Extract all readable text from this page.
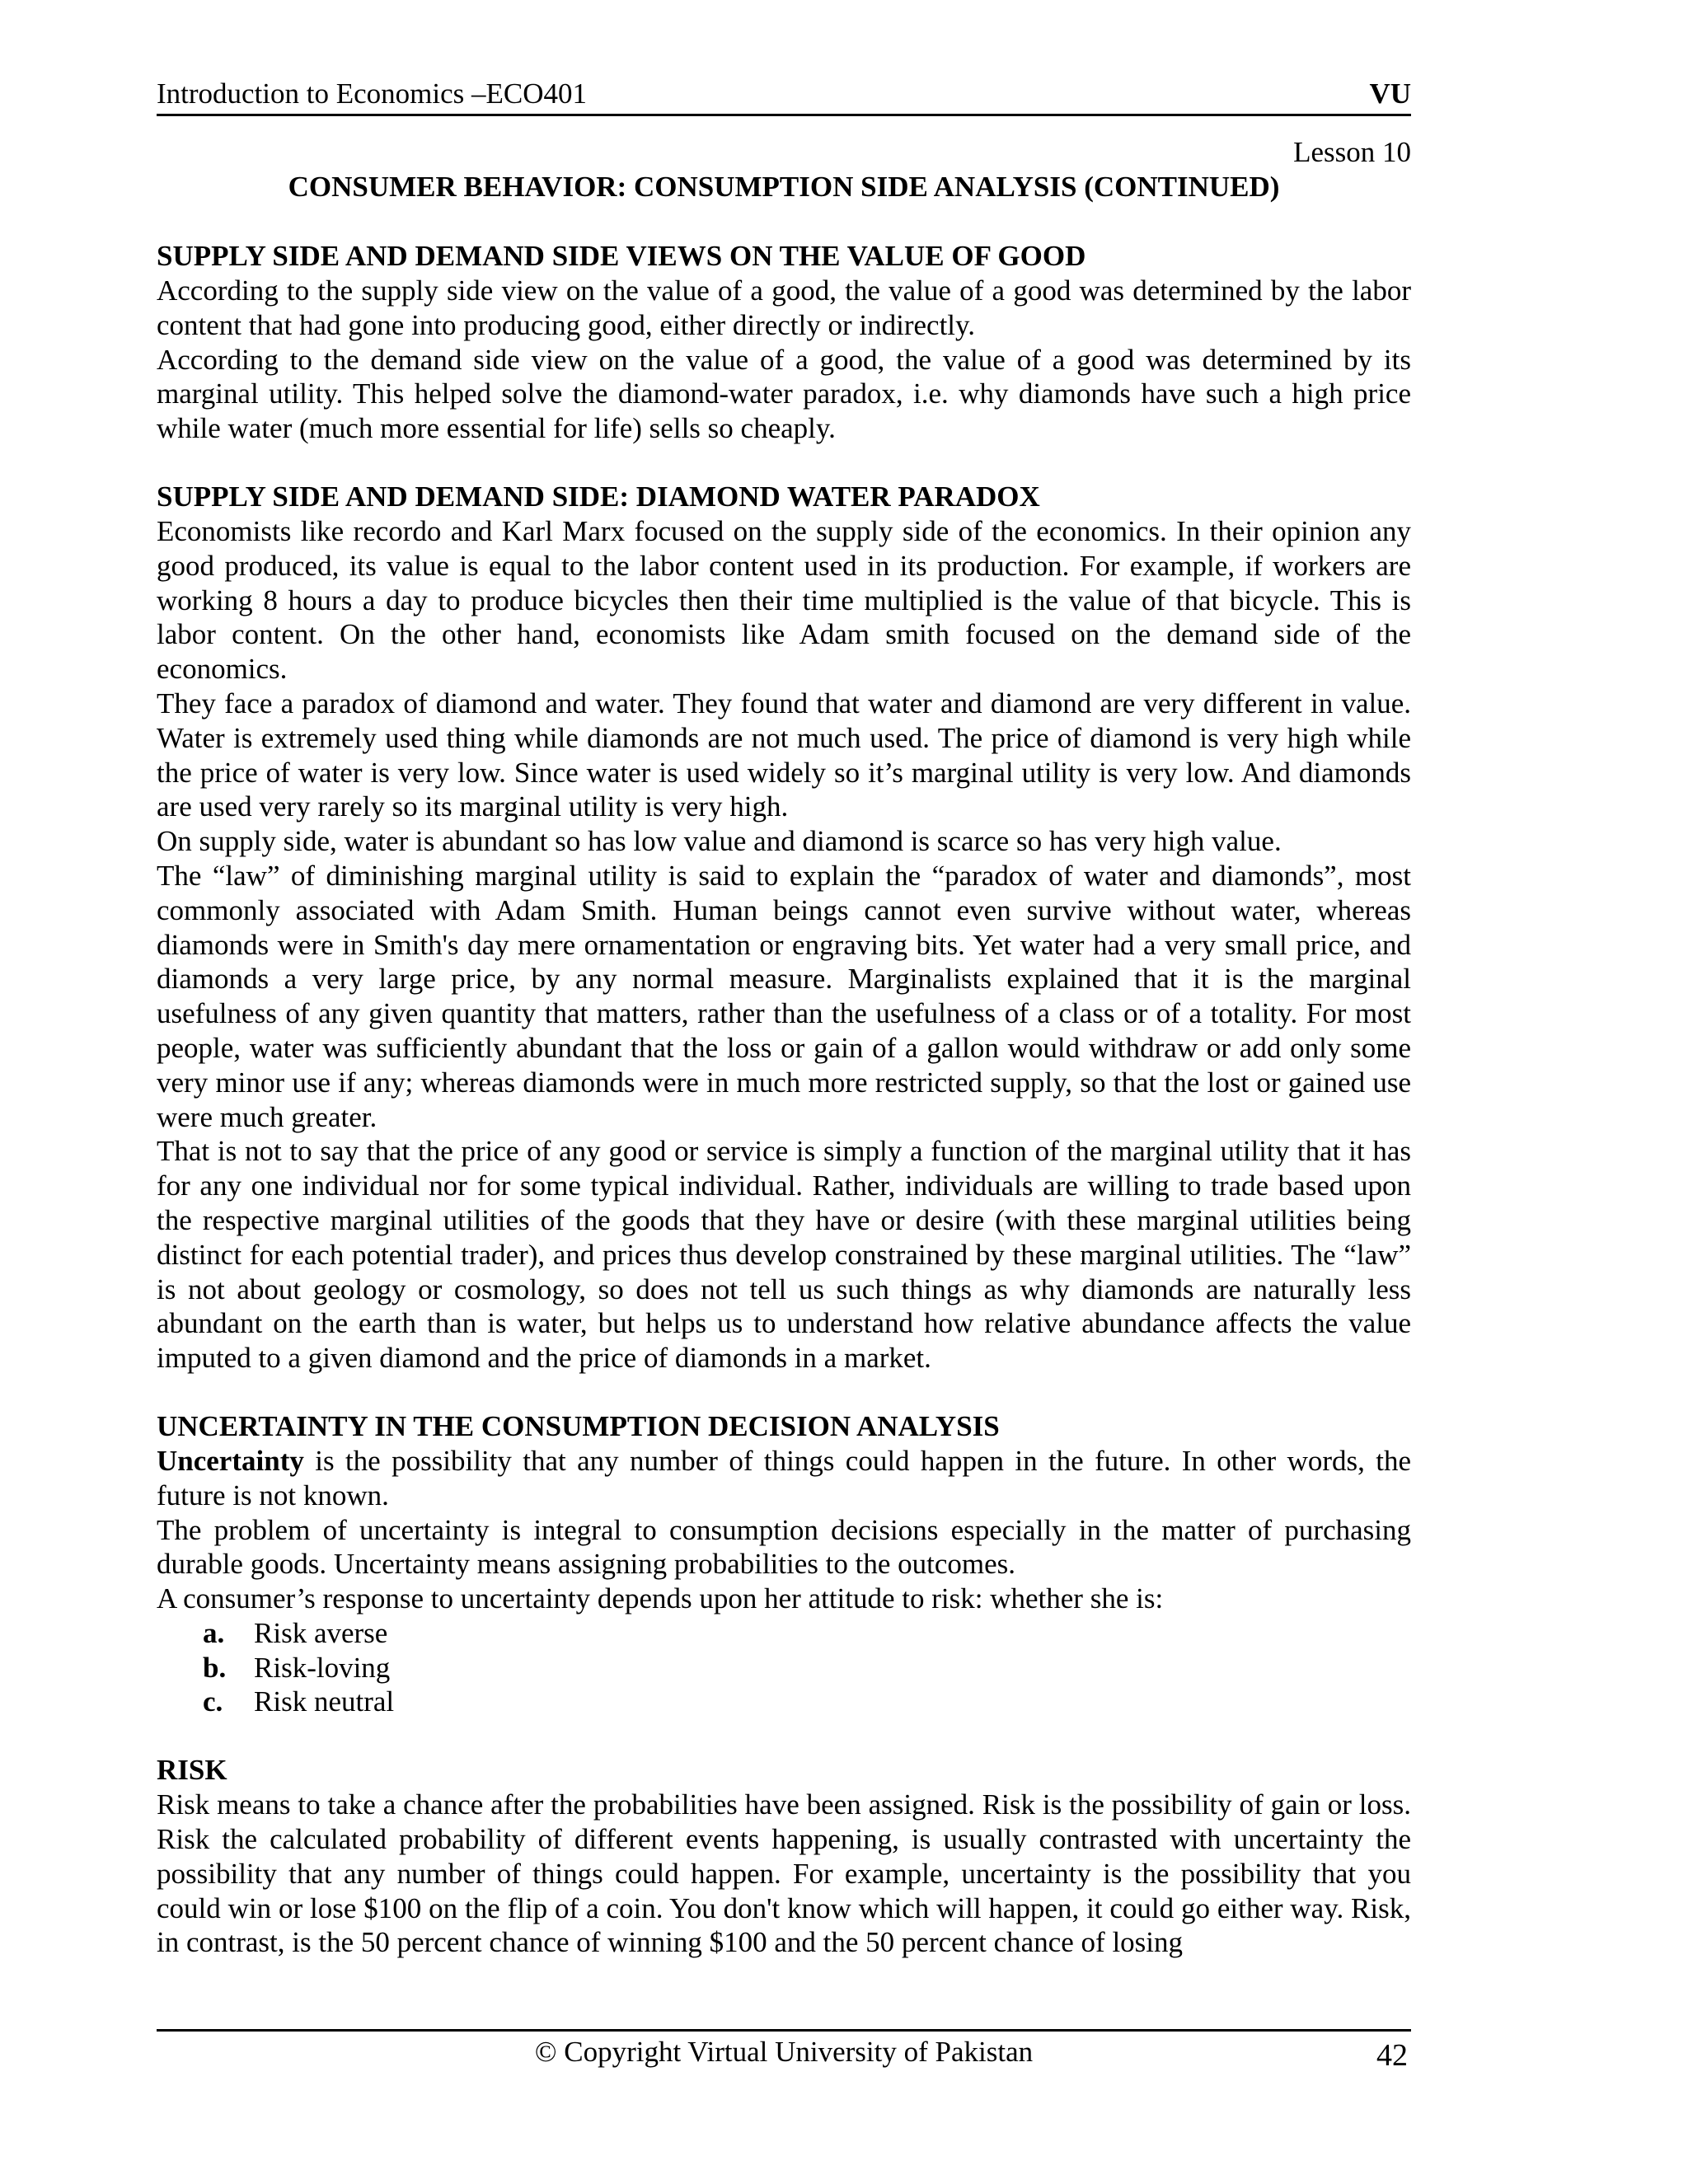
Introduction to Economics –ECO401	VU
Lesson 10
CONSUMER BEHAVIOR: CONSUMPTION SIDE ANALYSIS (CONTINUED)
SUPPLY SIDE AND DEMAND SIDE VIEWS ON THE VALUE OF GOOD

According to the supply side view on the value of a good, the value of a good was determined by the labor content that had gone into producing good, either directly or indirectly.

According to the demand side view on the value of a good, the value of a good was determined by its marginal utility. This helped solve the diamond-water paradox, i.e. why diamonds have such a high price while water (much more essential for life) sells so cheaply.

SUPPLY SIDE AND DEMAND SIDE: DIAMOND WATER PARADOX

Economists like recordo and Karl Marx focused on the supply side of the economics. In their opinion any good produced, its value is equal to the labor content used in its production. For example, if workers are working 8 hours a day to produce bicycles then their time multiplied is the value of that bicycle. This is labor content. On the other hand, economists like Adam smith focused on the demand side of the economics.

They face a paradox of diamond and water. They found that water and diamond are very different in value. Water is extremely used thing while diamonds are not much used. The price of diamond is very high while the price of water is very low. Since water is used widely so it’s marginal utility is very low. And diamonds are used very rarely so its marginal utility is very high.

On supply side, water is abundant so has low value and diamond is scarce so has very high value.

The “law” of diminishing marginal utility is said to explain the “paradox of water and diamonds”, most commonly associated with Adam Smith. Human beings cannot even survive without water, whereas diamonds were in Smith's day mere ornamentation or engraving bits. Yet water had a very small price, and diamonds a very large price, by any normal measure. Marginalists explained that it is the marginal usefulness of any given quantity that matters, rather than the usefulness of a class or of a totality. For most people, water was sufficiently abundant that the loss or gain of a gallon would withdraw or add only some very minor use if any; whereas diamonds were in much more restricted supply, so that the lost or gained use were much greater.

That is not to say that the price of any good or service is simply a function of the marginal utility that it has for any one individual nor for some typical individual. Rather, individuals are willing to trade based upon the respective marginal utilities of the goods that they have or desire (with these marginal utilities being distinct for each potential trader), and prices thus develop constrained by these marginal utilities. The “law” is not about geology or cosmology, so does not tell us such things as why diamonds are naturally less abundant on the earth than is water, but helps us to understand how relative abundance affects the value imputed to a given diamond and the price of diamonds in a market.

UNCERTAINTY IN THE CONSUMPTION DECISION ANALYSIS

Uncertainty is the possibility that any number of things could happen in the future. In other words, the future is not known.

The problem of uncertainty is integral to consumption decisions especially in the matter of purchasing durable goods. Uncertainty means assigning probabilities to the outcomes.

A consumer’s response to uncertainty depends upon her attitude to risk: whether she is:

a.	Risk averse
b. Risk-loving
c.	Risk neutral
RISK

Risk means to take a chance after the probabilities have been assigned. Risk is the possibility of gain or loss. Risk the calculated probability of different events happening, is usually contrasted with uncertainty the possibility that any number of things could happen. For example, uncertainty is the possibility that you could win or lose $100 on the flip of a coin. You don't know which will happen, it could go either way. Risk, in contrast, is the 50 percent chance of winning $100 and the 50 percent chance of losing

© Copyright Virtual University of Pakistan	42
